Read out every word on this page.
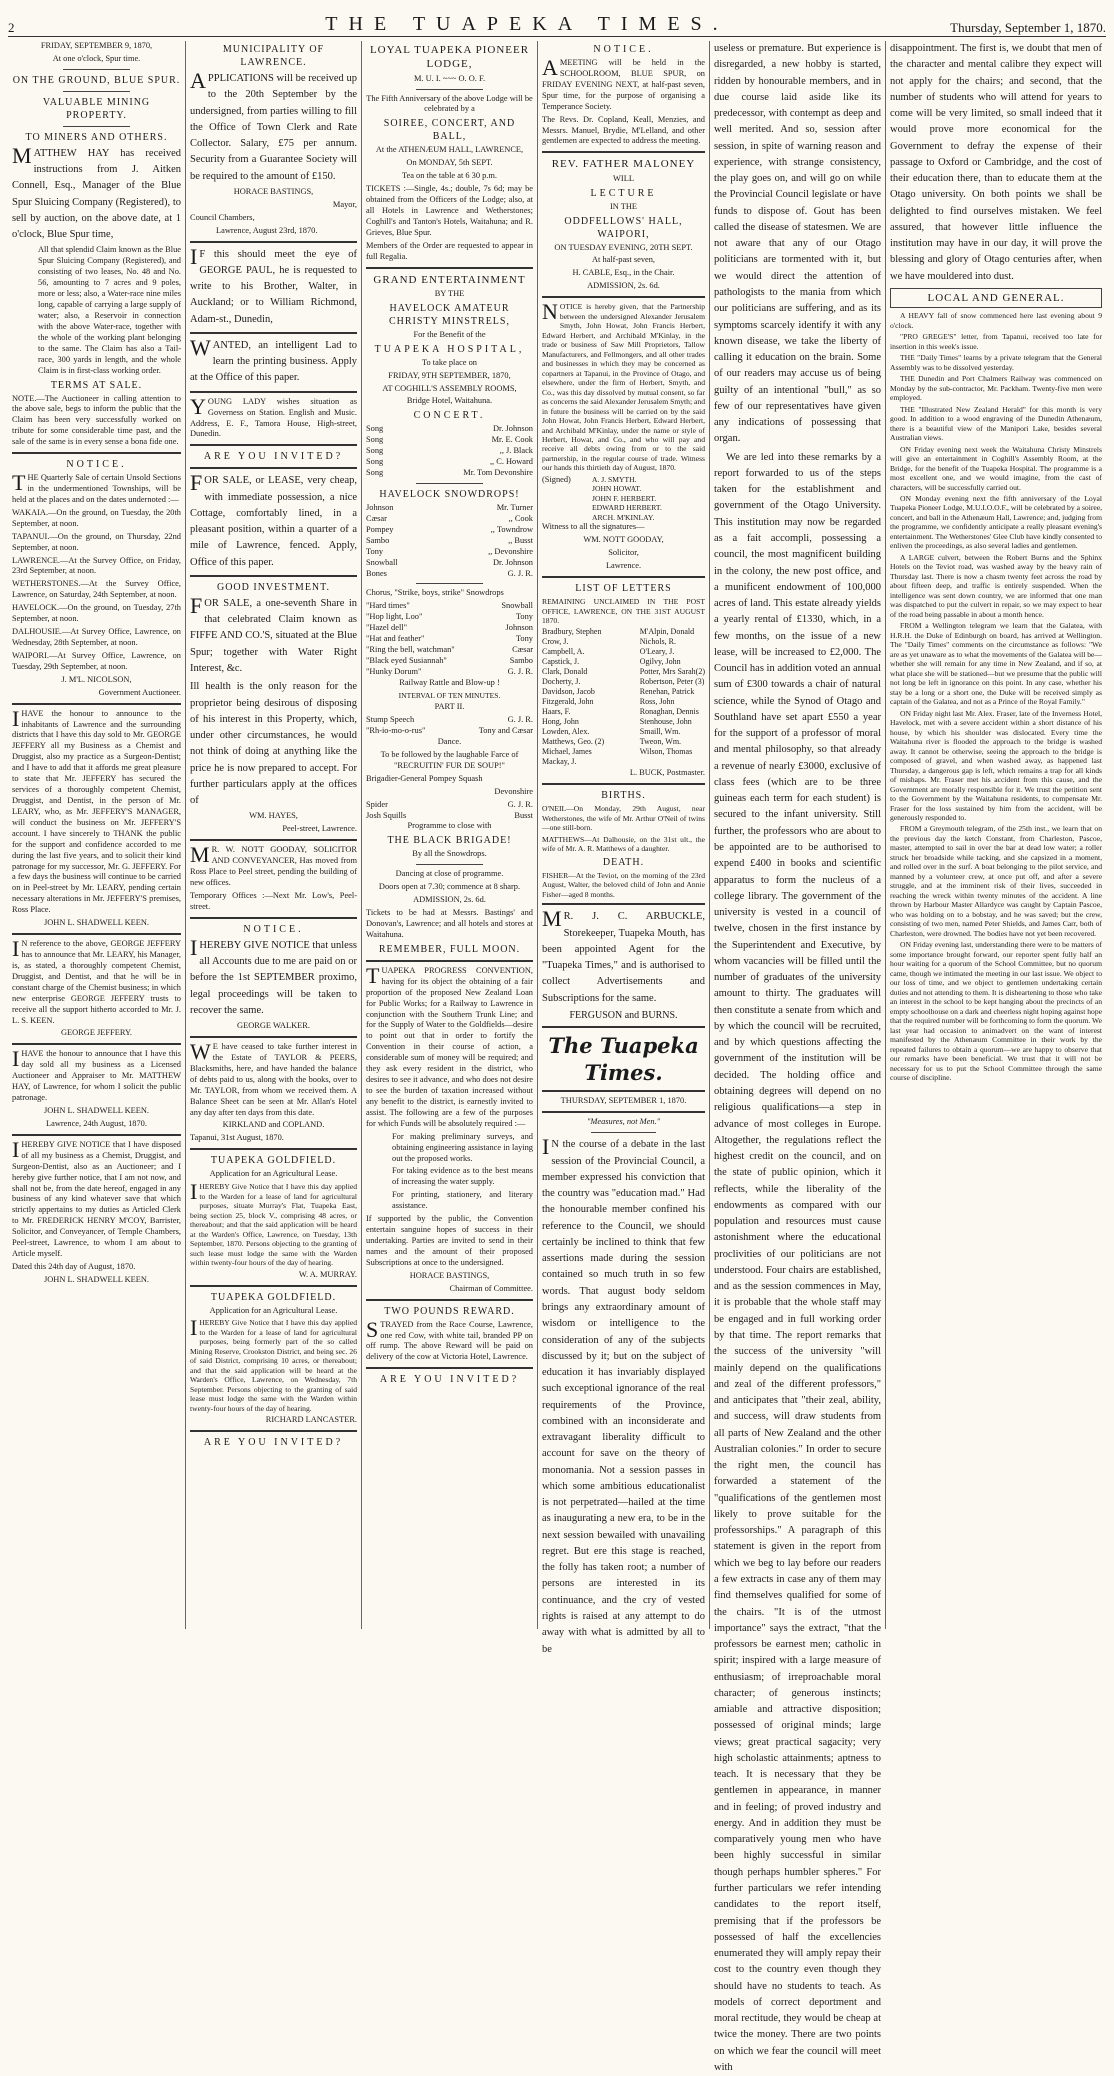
2	THE TUAPEKA TIMES.	Thursday, September 1, 1870.

FRIDAY, SEPTEMBER 9, 1870,

At one o'clock, Spur time.

ON THE GROUND, BLUE SPUR.

VALUABLE MINING PROPERTY.

TO MINERS AND OTHERS.

MATTHEW HAY has received instructions from J. Aitken Connell, Esq., Manager of the Blue Spur Sluicing Company (Registered), to sell by auction, on the above date, at 1 o'clock, Blue Spur time,

All that splendid Claim known as the Blue Spur Sluicing Company (Registered), and consisting of two leases, No. 48 and No. 56, amounting to 7 acres and 9 poles, more or less; also, a Water-race nine miles long, capable of carrying a large supply of water; also, a Reservoir in connection with the above Water-race, together with the whole of the working plant belonging to the same. The Claim has also a Tail-race, 300 yards in length, and the whole Claim is in first-class working order.

TERMS AT SALE.

NOTE.—The Auctioneer in calling attention to the above sale, begs to inform the public that the Claim has been very successfully worked on tribute for some considerable time past, and the sale of the same is in every sense a bona fide one.

NOTICE.

THE Quarterly Sale of certain Unsold Sections in the undermentioned Townships, will be held at the places and on the dates undernoted :—

WAKAIA.—On the ground, on Tuesday, the 20th September, at noon.

TAPANUI.—On the ground, on Thursday, 22nd September, at noon.

LAWRENCE.—At the Survey Office, on Friday, 23rd September, at noon.

WETHERSTONES.—At the Survey Office, Lawrence, on Saturday, 24th September, at noon.

HAVELOCK.—On the ground, on Tuesday, 27th September, at noon.

DALHOUSIE.—At Survey Office, Lawrence, on Wednesday, 28th September, at noon.

WAIPORI.—At Survey Office, Lawrence, on Tuesday, 29th September, at noon.

J. M'L. NICOLSON,

Government Auctioneer.

IHAVE the honour to announce to the inhabitants of Lawrence and the surrounding districts that I have this day sold to Mr. GEORGE JEFFERY all my Business as a Chemist and Druggist, also my practice as a Surgeon-Dentist; and I have to add that it affords me great pleasure to state that Mr. JEFFERY has secured the services of a thoroughly competent Chemist, Druggist, and Dentist, in the person of Mr. LEARY, who, as Mr. JEFFERY'S MANAGER, will conduct the business on Mr. JEFFERY'S account. I have sincerely to THANK the public for the support and confidence accorded to me during the last five years, and to solicit their kind patronage for my successor, Mr. G. JEFFERY. For a few days the business will continue to be carried on in Peel-street by Mr. LEARY, pending certain necessary alterations in Mr. JEFFERY'S premises, Ross Place.

JOHN L. SHADWELL KEEN.

IN reference to the above, GEORGE JEFFERY has to announce that Mr. LEARY, his Manager, is, as stated, a thoroughly competent Chemist, Druggist, and Dentist, and that he will be in constant charge of the Chemist business; in which new enterprise GEORGE JEFFERY trusts to receive all the support hitherto accorded to Mr. J. L. S. KEEN.

GEORGE JEFFERY.

IHAVE the honour to announce that I have this day sold all my business as a Licensed Auctioneer and Appraiser to Mr. MATTHEW HAY, of Lawrence, for whom I solicit the public patronage.

JOHN L. SHADWELL KEEN.

Lawrence, 24th August, 1870.

IHEREBY GIVE NOTICE that I have disposed of all my business as a Chemist, Druggist, and Surgeon-Dentist, also as an Auctioneer; and I hereby give further notice, that I am not now, and shall not be, from the date hereof, engaged in any business of any kind whatever save that which strictly appertains to my duties as Articled Clerk to Mr. FREDERICK HENRY M'COY, Barrister, Solicitor, and Conveyancer, of Temple Chambers, Peel-street, Lawrence, to whom I am about to Article myself.

Dated this 24th day of August, 1870.

JOHN L. SHADWELL KEEN.

MUNICIPALITY OF LAWRENCE.

APPLICATIONS will be received up to the 20th September by the undersigned, from parties willing to fill the Office of Town Clerk and Rate Collector. Salary, £75 per annum. Security from a Guarantee Society will be required to the amount of £150.

HORACE BASTINGS,

Mayor,

Council Chambers,

Lawrence, August 23rd, 1870.

IF this should meet the eye of GEORGE PAUL, he is requested to write to his Brother, Walter, in Auckland; or to William Richmond, Adam-st., Dunedin,

WANTED, an intelligent Lad to learn the printing business. Apply at the Office of this paper.

YOUNG LADY wishes situation as Governess on Station. English and Music. Address, E. F., Tamora House, High-street, Dunedin.

ARE YOU INVITED?

FOR SALE, or LEASE, very cheap, with immediate possession, a nice Cottage, comfortably lined, in a pleasant position, within a quarter of a mile of Lawrence, fenced. Apply, Office of this paper.

GOOD INVESTMENT.

FOR SALE, a one-seventh Share in that celebrated Claim known as FIFFE AND CO.'S, situated at the Blue Spur; together with Water Right Interest, &c.

Ill health is the only reason for the proprietor being desirous of disposing of his interest in this Property, which, under other circumstances, he would not think of doing at anything like the price he is now prepared to accept. For further particulars apply at the offices of

WM. HAYES,

Peel-street, Lawrence.

MR. W. NOTT GOODAY, SOLICITOR AND CONVEYANCER, Has moved from Ross Place to Peel street, pending the building of new offices.

Temporary Offices :—Next Mr. Low's, Peel-street.

NOTICE.

IHEREBY GIVE NOTICE that unless all Accounts due to me are paid on or before the 1st SEPTEMBER proximo, legal proceedings will be taken to recover the same.

GEORGE WALKER.

WE have ceased to take further interest in the Estate of TAYLOR & PEERS, Blacksmiths, here, and have handed the balance of debts paid to us, along with the books, over to Mr. TAYLOR, from whom we received them. A Balance Sheet can be seen at Mr. Allan's Hotel any day after ten days from this date.

KIRKLAND and COPLAND.

Tapanui, 31st August, 1870.

TUAPEKA GOLDFIELD.

Application for an Agricultural Lease.

IHEREBY Give Notice that I have this day applied to the Warden for a lease of land for agricultural purposes, situate Murray's Flat, Tuapeka East, being section 25, block V., comprising 48 acres, or thereabout; and that the said application will be heard at the Warden's Office, Lawrence, on Tuesday, 13th September, 1870. Persons objecting to the granting of such lease must lodge the same with the Warden within twenty-four hours of the day of hearing.

W. A. MURRAY.

TUAPEKA GOLDFIELD.

Application for an Agricultural Lease.

IHEREBY Give Notice that I have this day applied to the Warden for a lease of land for agricultural purposes, being formerly part of the so called Mining Reserve, Crookston District, and being sec. 26 of said District, comprising 10 acres, or thereabout; and that the said application will be heard at the Warden's Office, Lawrence, on Wednesday, 7th September. Persons objecting to the granting of said lease must lodge the same with the Warden within twenty-four hours of the day of hearing.

RICHARD LANCASTER.

ARE YOU INVITED?

LOYAL TUAPEKA PIONEER LODGE,

M. U. I. ~~~ O. O. F.

The Fifth Anniversary of the above Lodge will be celebrated by a

SOIREE, CONCERT, AND BALL,

At the ATHENÆUM HALL, LAWRENCE,

On MONDAY, 5th SEPT.

Tea on the table at 6 30 p.m.

TICKETS :—Single, 4s.; double, 7s 6d; may be obtained from the Officers of the Lodge; also, at all Hotels in Lawrence and Wetherstones; Coghill's and Tanton's Hotels, Waitahuna; and R. Grieves, Blue Spur.

Members of the Order are requested to appear in full Regalia.

GRAND ENTERTAINMENT

BY THE

HAVELOCK AMATEUR CHRISTY MINSTRELS,

For the Benefit of the

TUAPEKA HOSPITAL,

To take place on

FRIDAY, 9TH SEPTEMBER, 1870,

AT COGHILL'S ASSEMBLY ROOMS,

Bridge Hotel, Waitahuna.

CONCERT.

Song	Dr. Johnson
Song	Mr. E. Cook
Song	,, J. Black
Song	,, C. Howard
Song	Mr. Tom Devonshire

HAVELOCK SNOWDROPS!

Johnson	Mr. Turner
Cæsar	,, Cook
Pompey	,, Towndrow
Sambo	,, Busst
Tony	,, Devonshire
Snowball	Dr. Johnson
Bones	G. J. R.

Chorus, "Strike, boys, strike" Snowdrops

"Hard times"	Snowball
"Hop light, Loo"	Tony
"Hazel dell"	Johnson
"Hat and feather"	Tony
"Ring the bell, watchman"	Cæsar
"Black eyed Susiannah"	Sambo
"Hunky Dorum"	G. J. R.

Railway Rattle and Blow-up !

INTERVAL OF TEN MINUTES.

PART II.

Stump Speech	G. J. R.
"Rh-io-mo-o-rus"	Tony and Cæsar

Dance.

To be followed by the laughable Farce of "RECRUITIN' FUR DE SOUP!"

Brigadier-General Pompey Squash

Devonshire

Spider	G. J. R.
Josh Squills	Busst

Programme to close with

THE BLACK BRIGADE!

By all the Snowdrops.

Dancing at close of programme.

Doors open at 7.30; commence at 8 sharp.

ADMISSION, 2s. 6d.

Tickets to be had at Messrs. Bastings' and Donovan's, Lawrence; and all hotels and stores at Waitahuna.

REMEMBER, FULL MOON.

TUAPEKA PROGRESS CONVENTION, having for its object the obtaining of a fair proportion of the proposed New Zealand Loan for Public Works; for a Railway to Lawrence in conjunction with the Southern Trunk Line; and for the Supply of Water to the Goldfields—desire to point out that in order to fortify the Convention in their course of action, a considerable sum of money will be required; and they ask every resident in the district, who desires to see it advance, and who does not desire to see the burden of taxation increased without any benefit to the district, is earnestly invited to assist. The following are a few of the purposes for which Funds will be absolutely required :—

For making preliminary surveys, and obtaining engineering assistance in laying out the proposed works.

For taking evidence as to the best means of increasing the water supply.

For printing, stationery, and literary assistance.

If supported by the public, the Convention entertain sanguine hopes of success in their undertaking. Parties are invited to send in their names and the amount of their proposed Subscriptions at once to the undersigned.

HORACE BASTINGS,

Chairman of Committee.

TWO POUNDS REWARD.

STRAYED from the Race Course, Lawrence, one red Cow, with white tail, branded PP on off rump. The above Reward will be paid on delivery of the cow at Victoria Hotel, Lawrence.

ARE YOU INVITED?

NOTICE.

AMEETING will be held in the SCHOOLROOM, BLUE SPUR, on FRIDAY EVENING NEXT, at half-past seven, Spur time, for the purpose of organising a Temperance Society.

The Revs. Dr. Copland, Keall, Menzies, and Messrs. Manuel, Brydie, M'Lelland, and other gentlemen are expected to address the meeting.

REV. FATHER MALONEY

WILL

LECTURE

IN THE

ODDFELLOWS' HALL, WAIPORI,

ON TUESDAY EVENING, 20TH SEPT.

At half-past seven,

H. CABLE, Esq., in the Chair.

ADMISSION, 2s. 6d.

NOTICE is hereby given, that the Partnership between the undersigned Alexander Jerusalem Smyth, John Howat, John Francis Herbert, Edward Herbert, and Archibald M'Kinlay, in the trade or business of Saw Mill Proprietors, Tallow Manufacturers, and Fellmongers, and all other trades and businesses in which they may be concerned as copartners at Tapanui, in the Province of Otago, and elsewhere, under the firm of Herbert, Smyth, and Co., was this day dissolved by mutual consent, so far as concerns the said Alexander Jerusalem Smyth; and in future the business will be carried on by the said John Howat, John Francis Herbert, Edward Herbert, and Archibald M'Kinlay, under the name or style of Herbert, Howat, and Co., and who will pay and receive all debts owing from or to the said partnership, in the regular course of trade. Witness our hands this thirtieth day of August, 1870.

(Signed)	A. J. SMYTH.
JOHN HOWAT.
JOHN F. HERBERT.
EDWARD HERBERT.
ARCH. M'KINLAY.

Witness to all the signatures—

WM. NOTT GOODAY,

Solicitor,

Lawrence.

LIST OF LETTERS

REMAINING UNCLAIMED IN THE POST OFFICE, LAWRENCE, ON THE 31ST AUGUST 1870.

Bradbury, Stephen
Crow, J.
Campbell, A.
Capstick, J.
Clark, Donald
Docherty, J.
Davidson, Jacob
Fitzgerald, John
Haars, F.
Hong, John
Lowden, Alex.
Matthews, Geo. (2)
Michael, James
Mackay, J.
M'Alpin, Donald
Nichols, R.
O'Leary, J.
Ogilvy, John
Potter, Mrs Sarah(2)
Robertson, Peter (3)
Renehan, Patrick
Ross, John
Ronaghan, Dennis
Stenhouse, John
Smaill, Wm.
Tweon, Wm.
Wilson, Thomas

L. BUCK, Postmaster.

BIRTHS.

O'NEIL—On Monday, 29th August, near Wetherstones, the wife of Mr. Arthur O'Neil of twins—one still-born.

MATTHEWS—At Dalhousie, on the 31st ult., the wife of Mr. A. R. Matthews of a daughter.

DEATH.

FISHER—At the Teviot, on the morning of the 23rd August, Walter, the beloved child of John and Annie Fisher—aged 8 months.

MR. J. C. ARBUCKLE, Storekeeper, Tuapeka Mouth, has been appointed Agent for the "Tuapeka Times," and is authorised to collect Advertisements and Subscriptions for the same.

FERGUSON and BURNS.

The Tuapeka Times.

THURSDAY, SEPTEMBER 1, 1870.

"Measures, not Men."

IN the course of a debate in the last session of the Provincial Council, a member expressed his conviction that the country was "education mad." Had the honourable member confined his reference to the Council, we should certainly be inclined to think that few assertions made during the session contained so much truth in so few words. That august body seldom brings any extraordinary amount of wisdom or intelligence to the consideration of any of the subjects discussed by it; but on the subject of education it has invariably displayed such exceptional ignorance of the real requirements of the Province, combined with an inconsiderate and extravagant liberality difficult to account for save on the theory of monomania. Not a session passes in which some ambitious educationalist is not perpetrated—hailed at the time as inaugurating a new era, to be in the next session bewailed with unavailing regret. But ere this stage is reached, the folly has taken root; a number of persons are interested in its continuance, and the cry of vested rights is raised at any attempt to do away with what is admitted by all to be

useless or premature. But experience is disregarded, a new hobby is started, ridden by honourable members, and in due course laid aside like its predecessor, with contempt as deep and well merited. And so, session after session, in spite of warning reason and experience, with strange consistency, the play goes on, and will go on while the Provincial Council legislate or have funds to dispose of. Gout has been called the disease of statesmen. We are not aware that any of our Otago politicians are tormented with it, but we would direct the attention of pathologists to the mania from which our politicians are suffering, and as its symptoms scarcely identify it with any known disease, we take the liberty of calling it education on the brain. Some of our readers may accuse us of being guilty of an intentional "bull," as so few of our representatives have given any indications of possessing that organ.

We are led into these remarks by a report forwarded to us of the steps taken for the establishment and government of the Otago University. This institution may now be regarded as a fait accompli, possessing a council, the most magnificent building in the colony, the new post office, and a munificent endowment of 100,000 acres of land. This estate already yields a yearly rental of £1330, which, in a few months, on the issue of a new lease, will be increased to £2,000. The Council has in addition voted an annual sum of £300 towards a chair of natural science, while the Synod of Otago and Southland have set apart £550 a year for the support of a professor of moral and mental philosophy, so that already a revenue of nearly £3000, exclusive of class fees (which are to be three guineas each term for each student) is secured to the infant university. Still further, the professors who are about to be appointed are to be authorised to expend £400 in books and scientific apparatus to form the nucleus of a college library. The government of the university is vested in a council of twelve, chosen in the first instance by the Superintendent and Executive, by whom vacancies will be filled until the number of graduates of the university amount to thirty. The graduates will then constitute a senate from which and by which the council will be recruited, and by which questions affecting the government of the institution will be decided. The holding office and obtaining degrees will depend on no religious qualifications—a step in advance of most colleges in Europe. Altogether, the regulations reflect the highest credit on the council, and on the state of public opinion, which it reflects, while the liberality of the endowments as compared with our population and resources must cause astonishment where the educational proclivities of our politicians are not understood. Four chairs are established, and as the session commences in May, it is probable that the whole staff may be engaged and in full working order by that time. The report remarks that the success of the university "will mainly depend on the qualifications and zeal of the different professors," and anticipates that "their zeal, ability, and success, will draw students from all parts of New Zealand and the other Australian colonies." In order to secure the right men, the council has forwarded a statement of the "qualifications of the gentlemen most likely to prove suitable for the professorships." A paragraph of this statement is given in the report from which we beg to lay before our readers a few extracts in case any of them may find themselves qualified for some of the chairs. "It is of the utmost importance" says the extract, "that the professors be earnest men; catholic in spirit; inspired with a large measure of enthusiasm; of irreproachable moral character; of generous instincts; amiable and attractive disposition; possessed of original minds; large views; great practical sagacity; very high scholastic attainments; aptness to teach. It is necessary that they be gentlemen in appearance, in manner and in feeling; of proved industry and energy. And in addition they must be comparatively young men who have been highly successful in similar though perhaps humbler spheres." For further particulars we refer intending candidates to the report itself, premising that if the professors be possessed of half the excellencies enumerated they will amply repay their cost to the country even though they should have no students to teach. As models of correct deportment and moral rectitude, they would be cheap at twice the money. There are two points on which we fear the council will meet with

disappointment. The first is, we doubt that men of the character and mental calibre they expect will not apply for the chairs; and second, that the number of students who will attend for years to come will be very limited, so small indeed that it would prove more economical for the Government to defray the expense of their passage to Oxford or Cambridge, and the cost of their education there, than to educate them at the Otago university. On both points we shall be delighted to find ourselves mistaken. We feel assured, that however little influence the institution may have in our day, it will prove the blessing and glory of Otago centuries after, when we have mouldered into dust.

LOCAL AND GENERAL.

A HEAVY fall of snow commenced here last evening about 9 o'clock.

"PRO GREGE'S" letter, from Tapanui, received too late for insertion in this week's issue.

THE "Daily Times" learns by a private telegram that the General Assembly was to be dissolved yesterday.

THE Dunedin and Port Chalmers Railway was commenced on Monday by the sub-contractor, Mr. Packham. Twenty-five men were employed.

THE "Illustrated New Zealand Herald" for this month is very good. In addition to a wood engraving of the Dunedin Athenæum, there is a beautiful view of the Manipori Lake, besides several Australian views.

ON Friday evening next week the Waitahuna Christy Minstrels will give an entertainment in Coghill's Assembly Room, at the Bridge, for the benefit of the Tuapeka Hospital. The programme is a most excellent one, and we would imagine, from the cast of characters, will be successfully carried out.

ON Monday evening next the fifth anniversary of the Loyal Tuapeka Pioneer Lodge, M.U.I.O.O.F., will be celebrated by a soiree, concert, and ball in the Athenæum Hall, Lawrence; and, judging from the programme, we confidently anticipate a really pleasant evening's entertainment. The Wetherstones' Glee Club have kindly consented to enliven the proceedings, as also several ladies and gentlemen.

A LARGE culvert, between the Robert Burns and the Sphinx Hotels on the Teviot road, was washed away by the heavy rain of Thursday last. There is now a chasm twenty feet across the road by about fifteen deep, and traffic is entirely suspended. When the intelligence was sent down country, we are informed that one man was dispatched to put the culvert in repair, so we may expect to hear of the road being passable in about a month hence.

FROM a Wellington telegram we learn that the Galatea, with H.R.H. the Duke of Edinburgh on board, has arrived at Wellington. The "Daily Times" comments on the circumstance as follows: "We are as yet unaware as to what the movements of the Galatea will be—whether she will remain for any time in New Zealand, and if so, at what place she will be stationed—but we presume that the public will not long be left in ignorance on this point. In any case, whether his stay be a long or a short one, the Duke will be received simply as captain of the Galatea, and not as a Prince of the Royal Family."

ON Friday night last Mr. Alex. Fraser, late of the Inverness Hotel, Havelock, met with a severe accident within a short distance of his house, by which his shoulder was dislocated. Every time the Waitahuna river is flooded the approach to the bridge is washed away. It cannot be otherwise, seeing the approach to the bridge is composed of gravel, and when washed away, as happened last Thursday, a dangerous gap is left, which remains a trap for all kinds of mishaps. Mr. Fraser met his accident from this cause, and the Government are morally responsible for it. We trust the petition sent to the Government by the Waitahuna residents, to compensate Mr. Fraser for the loss sustained by him from the accident, will be generously responded to.

FROM a Greymouth telegram, of the 25th inst., we learn that on the previous day the ketch Constant, from Charleston, Pascoe, master, attempted to sail in over the bar at dead low water; a roller struck her broadside while tacking, and she capsized in a moment, and rolled over in the surf. A boat belonging to the pilot service, and manned by a volunteer crew, at once put off, and after a severe struggle, and at the imminent risk of their lives, succeeded in reaching the wreck within twenty minutes of the accident. A line thrown by Harbour Master Allardyce was caught by Captain Pascoe, who was holding on to a bobstay, and he was saved; but the crew, consisting of two men, named Peter Shields, and James Carr, both of Charleston, were drowned. The bodies have not yet been recovered.

ON Friday evening last, understanding there were to be matters of some importance brought forward, our reporter spent fully half an hour waiting for a quorum of the School Committee, but no quorum came, though we intimated the meeting in our last issue. We object to our loss of time, and we object to gentlemen undertaking certain duties and not attending to them. It is disheartening to those who take an interest in the school to be kept hanging about the precincts of an empty schoolhouse on a dark and cheerless night hoping against hope that the required number will be forthcoming to form the quorum. We last year had occasion to animadvert on the want of interest manifested by the Athenæum Committee in their work by the repeated failures to obtain a quorum—we are happy to observe that our remarks have been beneficial. We trust that it will not be necessary for us to put the School Committee through the same course of discipline.
